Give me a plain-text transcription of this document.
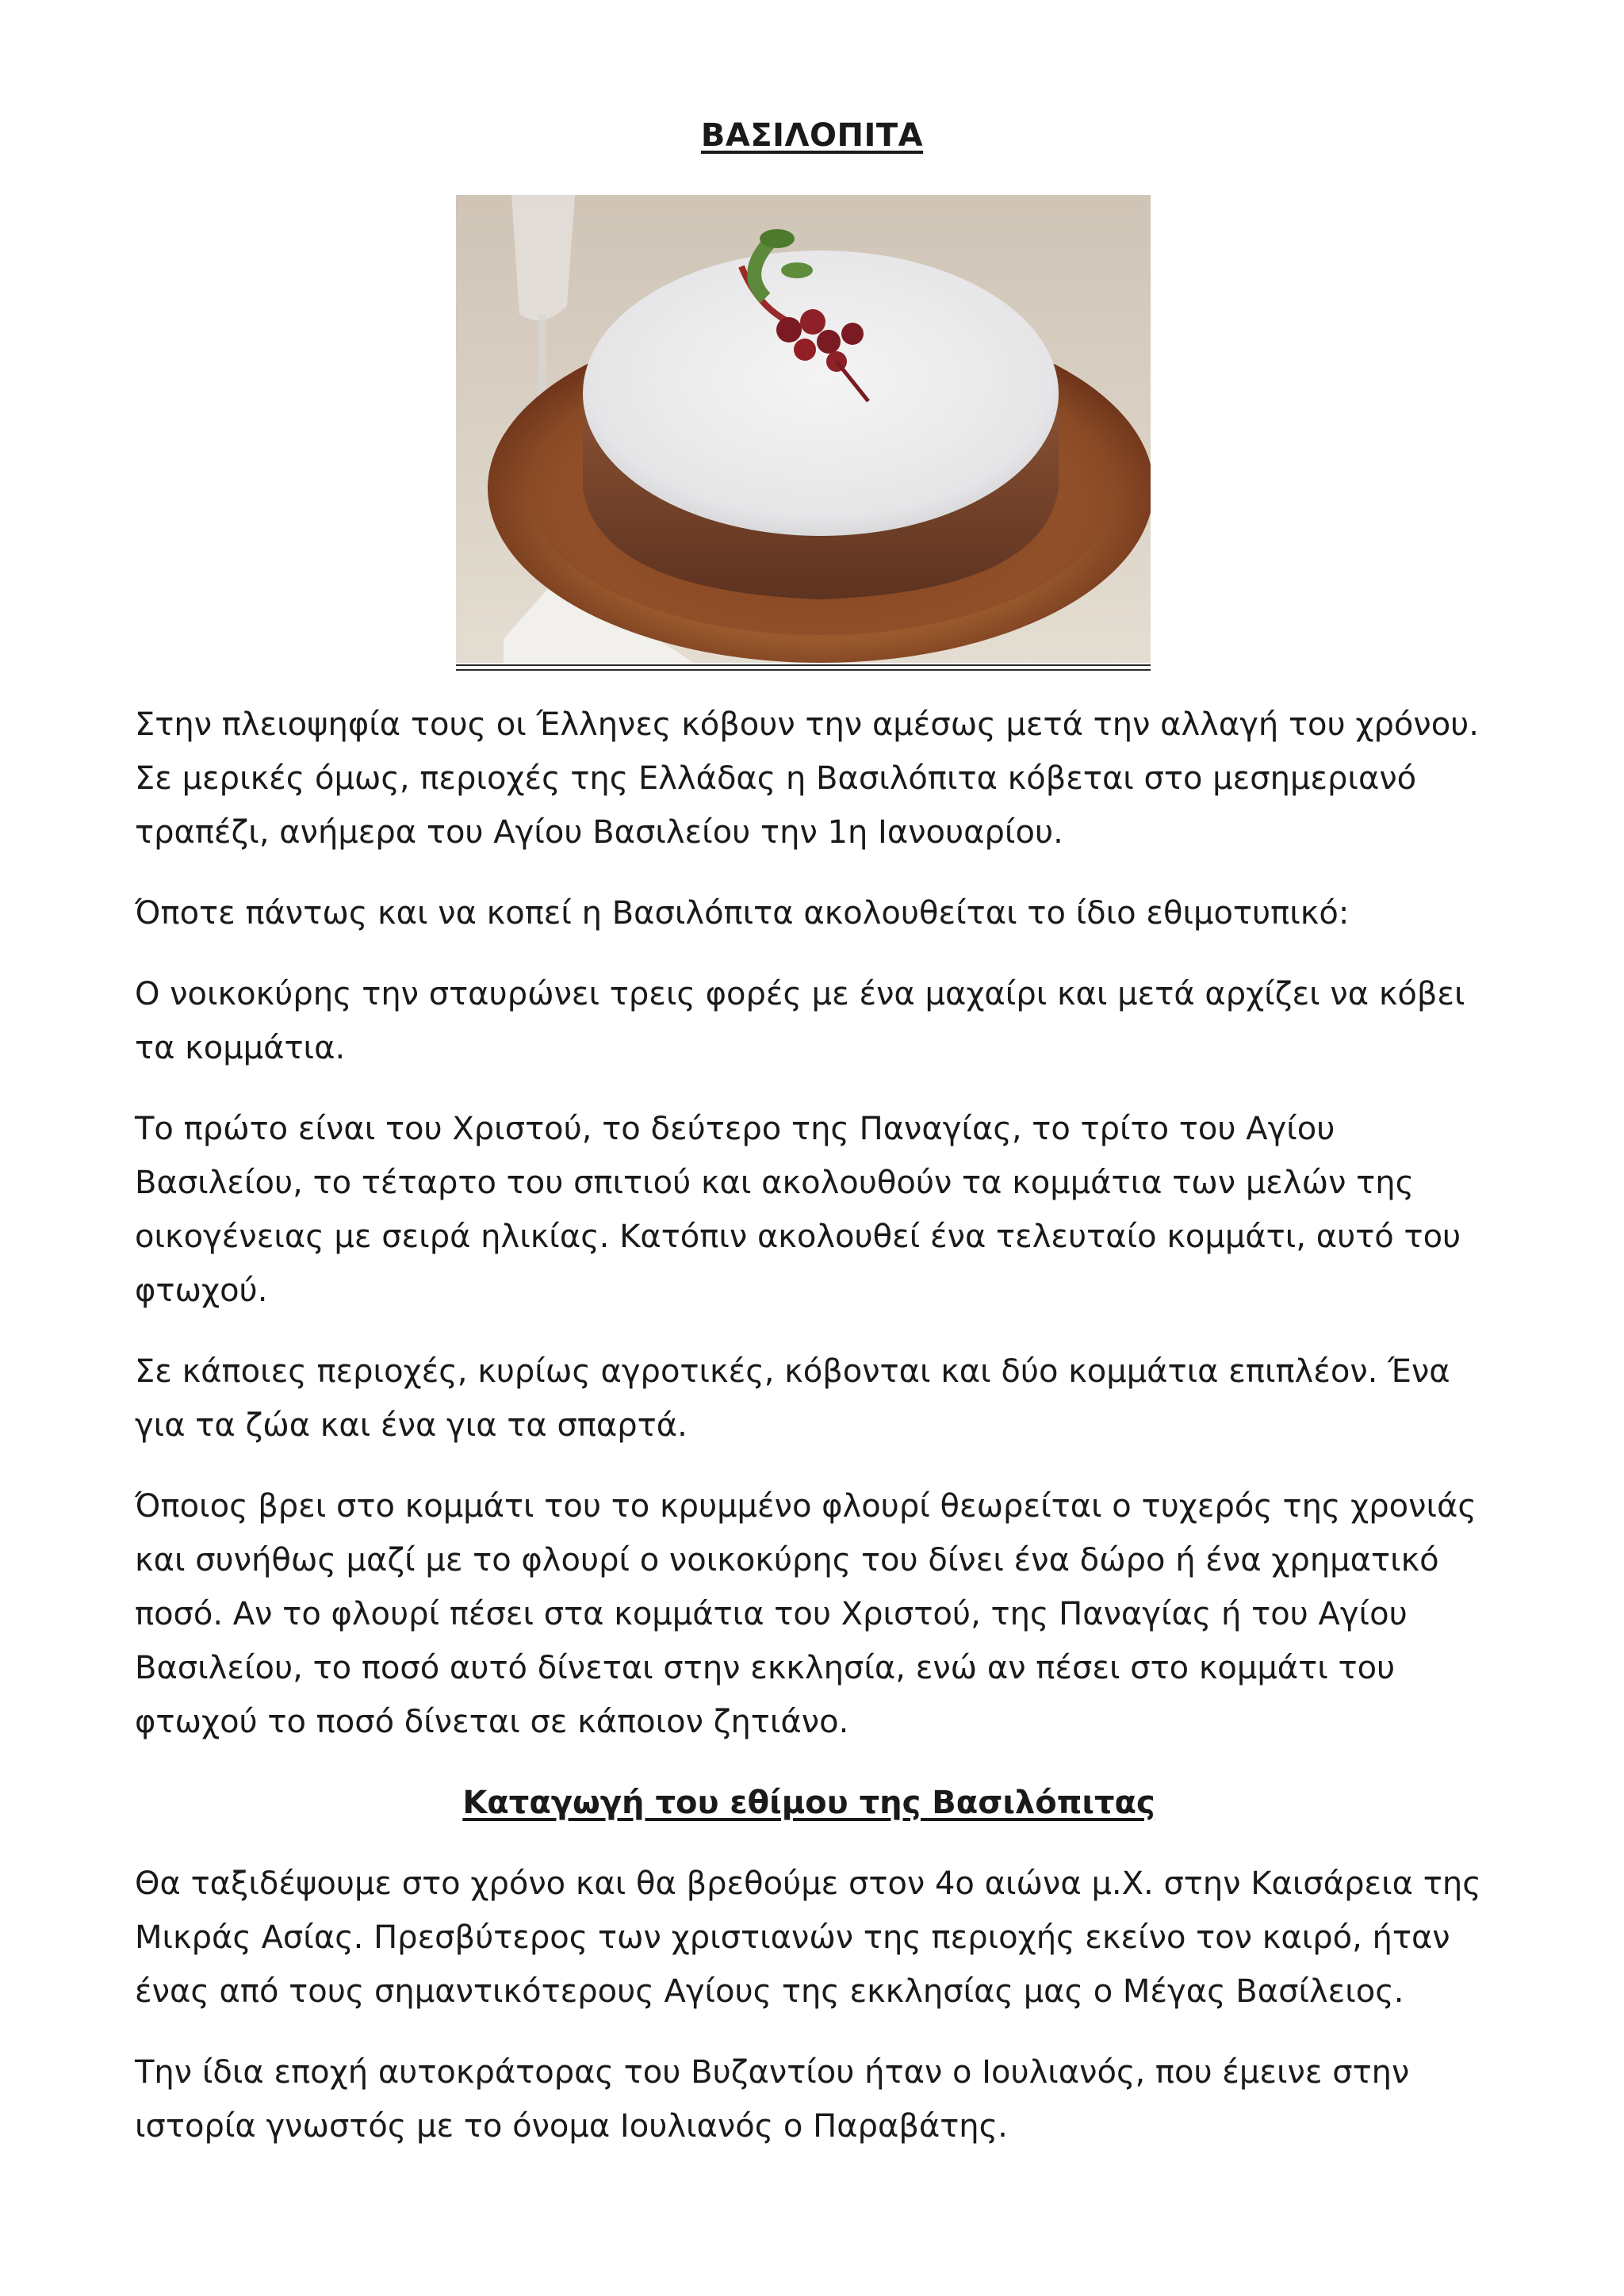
ΒΑΣΙΛΟΠΙΤΑ

Στην πλειοψηφία τους οι Έλληνες κόβουν την αμέσως μετά την αλλαγή του χρόνου. Σε μερικές όμως, περιοχές της Ελλάδας η Βασιλόπιτα κόβεται στο μεσημεριανό τραπέζι, ανήμερα του Αγίου Βασιλείου την 1η Ιανουαρίου.

Όποτε πάντως και να κοπεί η Βασιλόπιτα ακολουθείται το ίδιο εθιμοτυπικό:

Ο νοικοκύρης την σταυρώνει τρεις φορές με ένα μαχαίρι και μετά αρχίζει να κόβει τα κομμάτια.

Το πρώτο είναι του Χριστού, το δεύτερο της Παναγίας, το τρίτο του Αγίου Βασιλείου, το τέταρτο του σπιτιού και ακολουθούν τα κομμάτια των μελών της οικογένειας με σειρά ηλικίας. Κατόπιν ακολουθεί ένα τελευταίο κομμάτι, αυτό του φτωχού.

Σε κάποιες περιοχές, κυρίως αγροτικές, κόβονται και δύο κομμάτια επιπλέον. Ένα για τα ζώα και ένα για τα σπαρτά.

Όποιος βρει στο κομμάτι του το κρυμμένο φλουρί θεωρείται ο τυχερός της χρονιάς και συνήθως μαζί με το φλουρί ο νοικοκύρης του δίνει ένα δώρο ή ένα χρηματικό ποσό. Αν το φλουρί πέσει στα κομμάτια του Χριστού, της Παναγίας ή του Αγίου Βασιλείου, το ποσό αυτό δίνεται στην εκκλησία, ενώ αν πέσει στο κομμάτι του φτωχού το ποσό δίνεται σε κάποιον ζητιάνο.

Καταγωγή του εθίμου της Βασιλόπιτας

Θα ταξιδέψουμε στο χρόνο και θα βρεθούμε στον 4ο αιώνα μ.Χ. στην Καισάρεια της Μικράς Ασίας. Πρεσβύτερος των χριστιανών της περιοχής εκείνο τον καιρό, ήταν ένας από τους σημαντικότερους Αγίους της εκκλησίας μας ο Μέγας Βασίλειος.

Την ίδια εποχή αυτοκράτορας του Βυζαντίου ήταν ο Ιουλιανός, που έμεινε στην ιστορία γνωστός με το όνομα Ιουλιανός ο Παραβάτης.
